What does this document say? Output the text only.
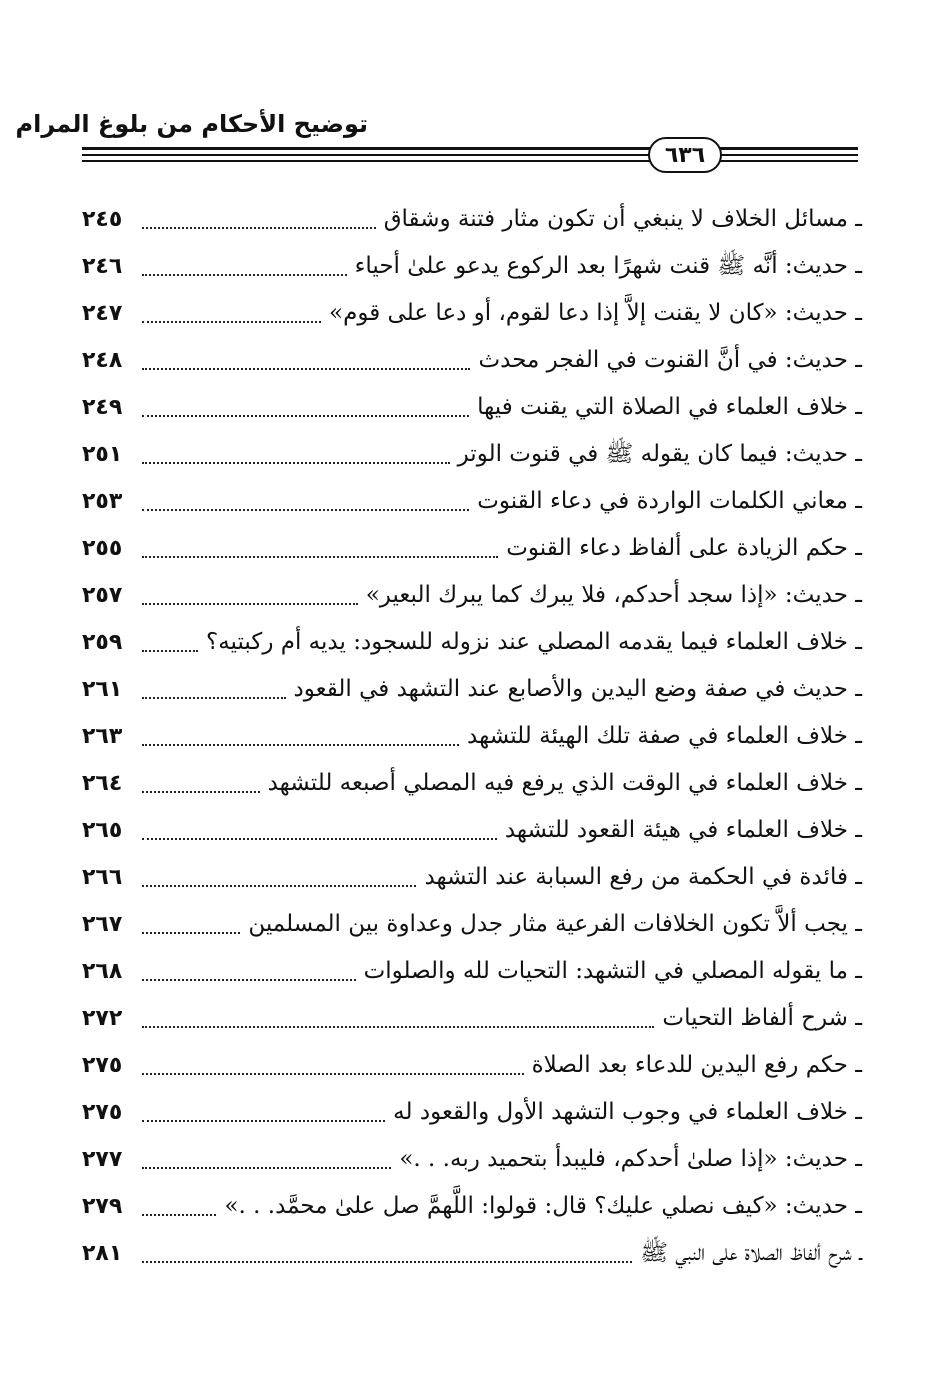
توضيح الأحكام من بلوغ المرام
٦٣٦
ـ مسائل الخلاف لا ينبغي أن تكون مثار فتنة وشقاق
٢٤٥
ـ حديث: أنَّه ﷺ قنت شهرًا بعد الركوع يدعو علىٰ أحياء
٢٤٦
ـ حديث: «كان لا يقنت إلاَّ إذا دعا لقوم، أو دعا على قوم»
٢٤٧
ـ حديث: في أنَّ القنوت في الفجر محدث
٢٤٨
ـ خلاف العلماء في الصلاة التي يقنت فيها
٢٤٩
ـ حديث: فيما كان يقوله ﷺ في قنوت الوتر
٢٥١
ـ معاني الكلمات الواردة في دعاء القنوت
٢٥٣
ـ حكم الزيادة على ألفاظ دعاء القنوت
٢٥٥
ـ حديث: «إذا سجد أحدكم، فلا يبرك كما يبرك البعير»
٢٥٧
ـ خلاف العلماء فيما يقدمه المصلي عند نزوله للسجود: يديه أم ركبتيه؟
٢٥٩
ـ حديث في صفة وضع اليدين والأصابع عند التشهد في القعود
٢٦١
ـ خلاف العلماء في صفة تلك الهيئة للتشهد
٢٦٣
ـ خلاف العلماء في الوقت الذي يرفع فيه المصلي أصبعه للتشهد
٢٦٤
ـ خلاف العلماء في هيئة القعود للتشهد
٢٦٥
ـ فائدة في الحكمة من رفع السبابة عند التشهد
٢٦٦
ـ يجب ألاَّ تكون الخلافات الفرعية مثار جدل وعداوة بين المسلمين
٢٦٧
ـ ما يقوله المصلي في التشهد: التحيات لله والصلوات
٢٦٨
ـ شرح ألفاظ التحيات
٢٧٢
ـ حكم رفع اليدين للدعاء بعد الصلاة
٢٧٥
ـ خلاف العلماء في وجوب التشهد الأول والقعود له
٢٧٥
ـ حديث: «إذا صلىٰ أحدكم، فليبدأ بتحميد ربه. . .»
٢٧٧
ـ حديث: «كيف نصلي عليك؟ قال: قولوا: اللَّهمَّ صل علىٰ محمَّد. . .»
٢٧٩
ـ شرح ألفاظ الصلاة على النبي ﷺ
٢٨١
